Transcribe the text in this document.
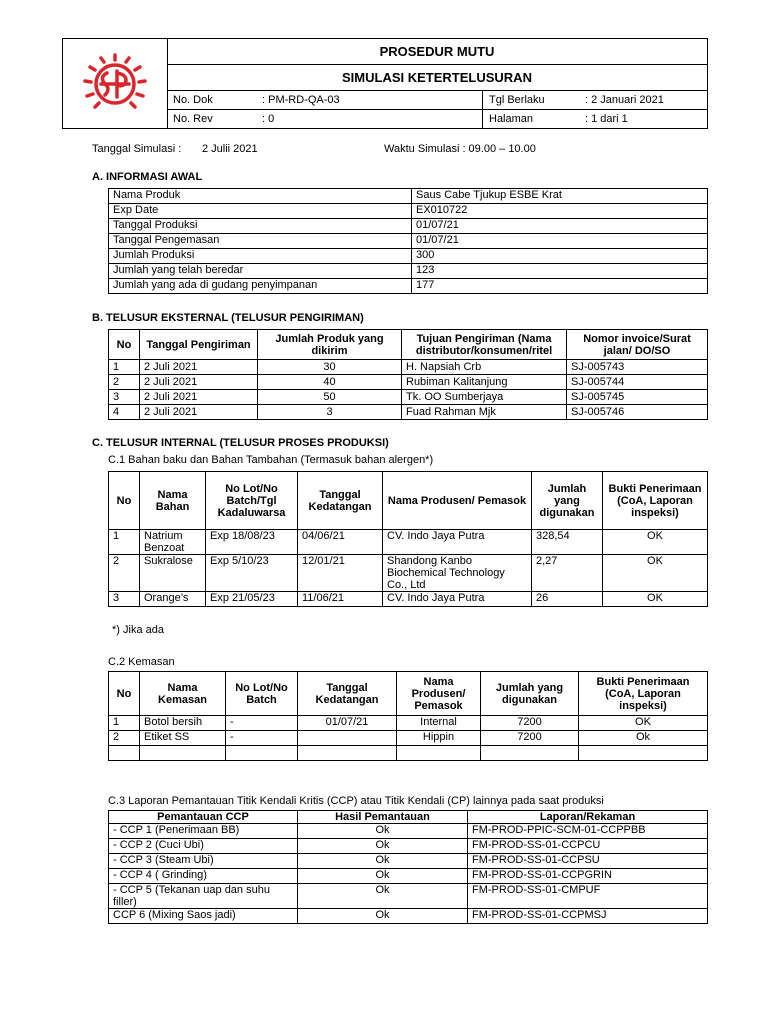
PROSEDUR MUTU
SIMULASI KETERTELUSURAN
No. Dok	: PM-RD-QA-03	Tgl Berlaku	: 2 Januari 2021
No. Rev	: 0	Halaman	: 1 dari 1
Tanggal Simulasi : 2 Julii 2021	Waktu Simulasi : 09.00 – 10.00
A. INFORMASI AWAL
Nama Produk	Saus Cabe Tjukup ESBE Krat
Exp Date	EX010722
Tanggal Produksi	01/07/21
Tanggal Pengemasan	01/07/21
Jumlah Produksi	300
Jumlah yang telah beredar	123
Jumlah yang ada di gudang penyimpanan	177
B. TELUSUR EKSTERNAL (TELUSUR PENGIRIMAN)
No	Tanggal Pengiriman	Jumlah Produk yang dikirim	Tujuan Pengiriman (Nama distributor/konsumen/ritel	Nomor invoice/Surat jalan/ DO/SO
1	2 Juli 2021	30	H. Napsiah Crb	SJ-005743
2	2 Juli 2021	40	Rubiman Kalitanjung	SJ-005744
3	2 Juli 2021	50	Tk. OO Sumberjaya	SJ-005745
4	2 Juli 2021	3	Fuad Rahman Mjk	SJ-005746
C. TELUSUR INTERNAL (TELUSUR PROSES PRODUKSI)
C.1 Bahan baku dan Bahan Tambahan (Termasuk bahan alergen*)
No	Nama Bahan	No Lot/No Batch/Tgl Kadaluwarsa	Tanggal Kedatangan	Nama Produsen/ Pemasok	Jumlah yang digunakan	Bukti Penerimaan (CoA, Laporan inspeksi)
1	Natrium Benzoat	Exp 18/08/23	04/06/21	CV. Indo Jaya Putra	328,54	OK
2	Sukralose	Exp 5/10/23	12/01/21	Shandong Kanbo Biochemical Technology Co., Ltd	2,27	OK
3	Orange’s	Exp 21/05/23	11/06/21	CV. Indo Jaya Putra	26	OK
*) Jika ada
C.2 Kemasan
No	Nama Kemasan	No Lot/No Batch	Tanggal Kedatangan	Nama Produsen/ Pemasok	Jumlah yang digunakan	Bukti Penerimaan (CoA, Laporan inspeksi)
1	Botol bersih	-	01/07/21	Internal	7200	OK
2	Etiket SS	-		Hippin	7200	Ok

C.3 Laporan Pemantauan Titik Kendali Kritis (CCP) atau Titik Kendali (CP) lainnya pada saat produksi
Pemantauan CCP	Hasil Pemantauan	Laporan/Rekaman
- CCP 1 (Penerimaan BB)	Ok	FM-PROD-PPIC-SCM-01-CCPPBB
- CCP 2 (Cuci Ubi)	Ok	FM-PROD-SS-01-CCPCU
- CCP 3 (Steam Ubi)	Ok	FM-PROD-SS-01-CCPSU
- CCP 4 ( Grinding)	Ok	FM-PROD-SS-01-CCPGRIN
- CCP 5 (Tekanan uap dan suhu filler)	Ok	FM-PROD-SS-01-CMPUF
CCP 6 (Mixing Saos jadi)	Ok	FM-PROD-SS-01-CCPMSJ
